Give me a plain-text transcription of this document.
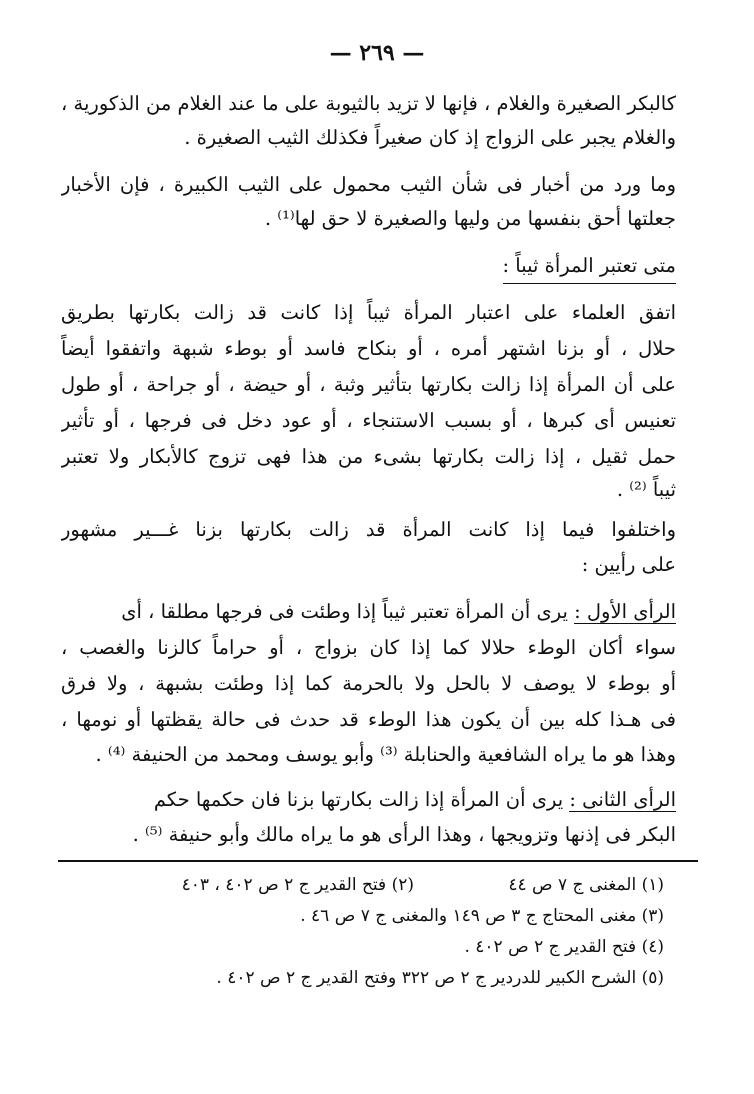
— ٢٦٩ —
كالبكر الصغيرة والغلام ، فإنها لا تزيد بالثيوبة على ما عند الغلام من الذكورية ،
والغلام يجبر على الزواج إذ كان صغيراً فكذلك الثيب الصغيرة .
وما ورد من أخبار فى شأن الثيب محمول على الثيب الكبيرة ، فإن الأخبار
جعلتها أحق بنفسها من وليها والصغيرة لا حق لها⁽¹⁾ .
متى تعتبر المرأة ثيباً :
اتفق العلماء على اعتبار المرأة ثيباً إذا كانت قد زالت بكارتها بطريق
حلال ، أو بزنا اشتهر أمره ، أو بنكاح فاسد أو بوطء شبهة واتفقوا أيضاً
على أن المرأة إذا زالت بكارتها بتأثير وثبة ، أو حيضة ، أو جراحة ، أو طول
تعنيس أى كبرها ، أو بسبب الاستنجاء ، أو عود دخل فى فرجها ، أو تأثير
حمل ثقيل ، إذا زالت بكارتها بشىء من هذا فهى تزوج كالأبكار ولا تعتبر
ثيباً ⁽²⁾ .
واختلفوا فيما إذا كانت المرأة قد زالت بكارتها بزنا غـــير مشهور
على رأيين :
الرأى الأول : يرى أن المرأة تعتبر ثيباً إذا وطئت فى فرجها مطلقا ، أى
سواء أكان الوطء حلالا كما إذا كان بزواج ، أو حراماً كالزنا والغصب ،
أو بوطء لا يوصف لا بالحل ولا بالحرمة كما إذا وطئت بشبهة ، ولا فرق
فى هـذا كله بين أن يكون هذا الوطء قد حدث فى حالة يقظتها أو نومها ،
وهذا هو ما يراه الشافعية والحنابلة ⁽³⁾ وأبو يوسف ومحمد من الحنيفة ⁽⁴⁾ .
الرأى الثانى : يرى أن المرأة إذا زالت بكارتها بزنا فان حكمها حكم
البكر فى إذنها وتزويجها ، وهذا الرأى هو ما يراه مالك وأبو حنيفة ⁽⁵⁾ .
(١) المغنى ج ٧ ص ٤٤
(٢) فتح القدير ج ٢ ص ٤٠٢ ، ٤٠٣
(٣) مغنى المحتاج ج ٣ ص ١٤٩ والمغنى ج ٧ ص ٤٦ .
(٤) فتح القدير ج ٢ ص ٤٠٢ .
(٥) الشرح الكبير للدردير ج ٢ ص ٣٢٢ وفتح القدير ج ٢ ص ٤٠٢ .
